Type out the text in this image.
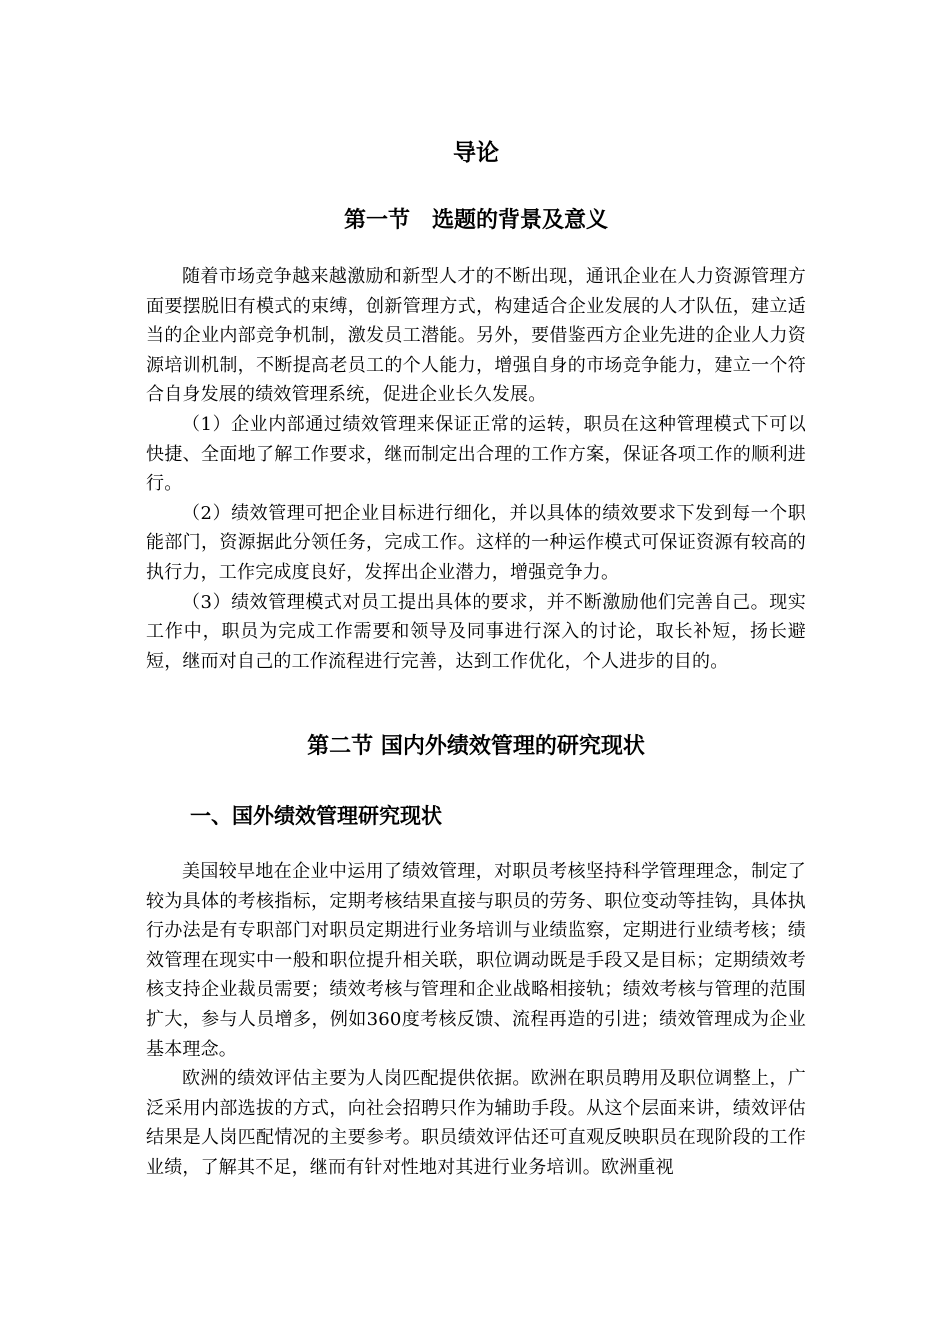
导论
第一节　选题的背景及意义

随着市场竞争越来越激励和新型人才的不断出现，通讯企业在人力资源管理方面要摆脱旧有模式的束缚，创新管理方式，构建适合企业发展的人才队伍，建立适当的企业内部竞争机制，激发员工潜能。另外，要借鉴西方企业先进的企业人力资源培训机制，不断提高老员工的个人能力，增强自身的市场竞争能力，建立一个符合自身发展的绩效管理系统，促进企业长久发展。

（1）企业内部通过绩效管理来保证正常的运转，职员在这种管理模式下可以快捷、全面地了解工作要求，继而制定出合理的工作方案，保证各项工作的顺利进行。

（2）绩效管理可把企业目标进行细化，并以具体的绩效要求下发到每一个职能部门，资源据此分领任务，完成工作。这样的一种运作模式可保证资源有较高的执行力，工作完成度良好，发挥出企业潜力，增强竞争力。

（3）绩效管理模式对员工提出具体的要求，并不断激励他们完善自己。现实工作中，职员为完成工作需要和领导及同事进行深入的讨论，取长补短，扬长避短，继而对自己的工作流程进行完善，达到工作优化，个人进步的目的。

第二节 国内外绩效管理的研究现状
一、国外绩效管理研究现状

美国较早地在企业中运用了绩效管理，对职员考核坚持科学管理理念，制定了较为具体的考核指标，定期考核结果直接与职员的劳务、职位变动等挂钩，具体执行办法是有专职部门对职员定期进行业务培训与业绩监察，定期进行业绩考核；绩效管理在现实中一般和职位提升相关联，职位调动既是手段又是目标；定期绩效考核支持企业裁员需要；绩效考核与管理和企业战略相接轨；绩效考核与管理的范围扩大，参与人员增多，例如360度考核反馈、流程再造的引进；绩效管理成为企业基本理念。

欧洲的绩效评估主要为人岗匹配提供依据。欧洲在职员聘用及职位调整上，广泛采用内部选拔的方式，向社会招聘只作为辅助手段。从这个层面来讲，绩效评估结果是人岗匹配情况的主要参考。职员绩效评估还可直观反映职员在现阶段的工作业绩，了解其不足，继而有针对性地对其进行业务培训。欧洲重视
